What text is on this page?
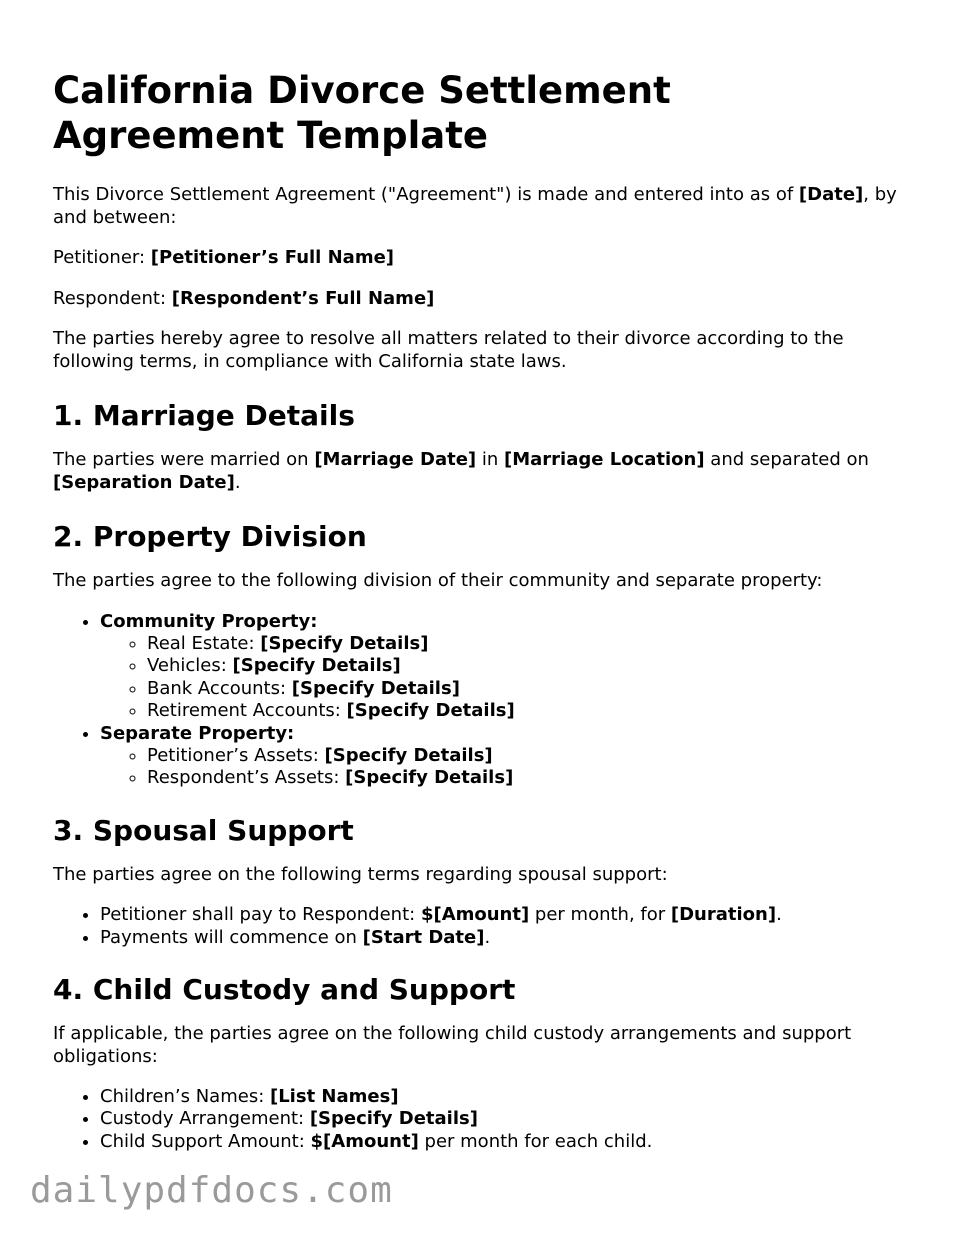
California Divorce Settlement Agreement Template

This Divorce Settlement Agreement ("Agreement") is made and entered into as of [Date], by and between:

Petitioner: [Petitioner’s Full Name]

Respondent: [Respondent’s Full Name]

The parties hereby agree to resolve all matters related to their divorce according to the following terms, in compliance with California state laws.

1. Marriage Details

The parties were married on [Marriage Date] in [Marriage Location] and separated on [Separation Date].

2. Property Division

The parties agree to the following division of their community and separate property:

• Community Property:
◦ Real Estate: [Specify Details]
◦ Vehicles: [Specify Details]
◦ Bank Accounts: [Specify Details]
◦ Retirement Accounts: [Specify Details]
• Separate Property:
◦ Petitioner’s Assets: [Specify Details]
◦ Respondent’s Assets: [Specify Details]
3. Spousal Support

The parties agree on the following terms regarding spousal support:

• Petitioner shall pay to Respondent: $[Amount] per month, for [Duration].
• Payments will commence on [Start Date].
4. Child Custody and Support

If applicable, the parties agree on the following child custody arrangements and support obligations:

• Children’s Names: [List Names]
• Custody Arrangement: [Specify Details]
• Child Support Amount: $[Amount] per month for each child.
dailypdfdocs.com
